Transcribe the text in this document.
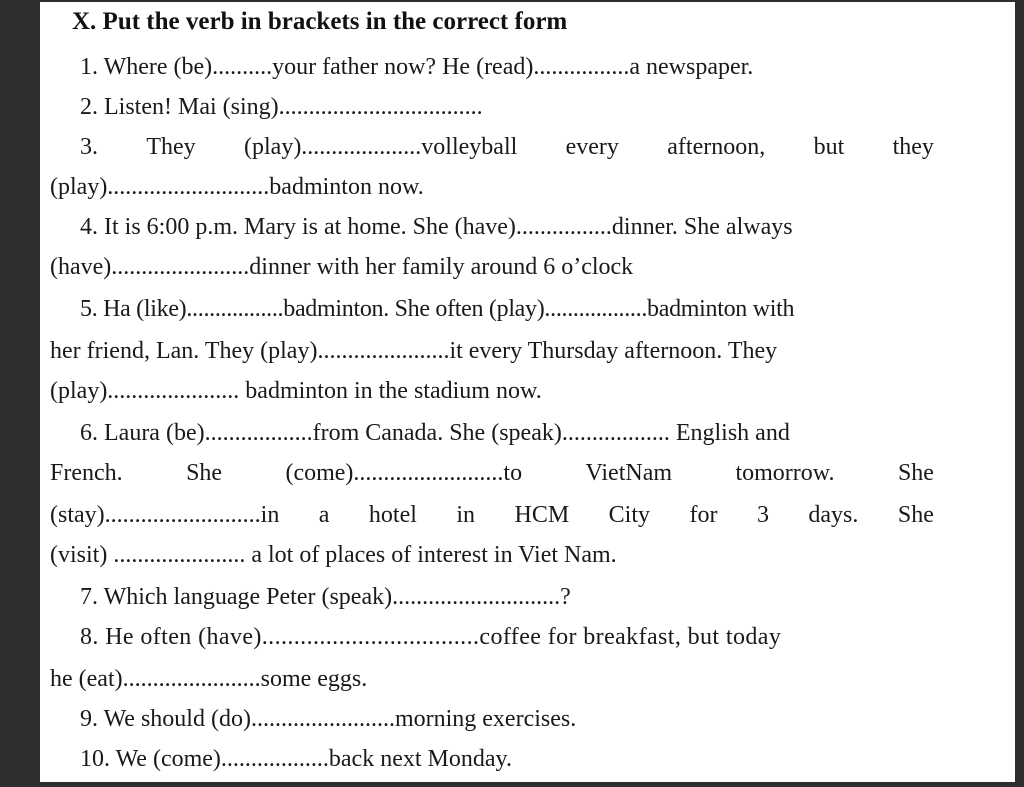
X. Put the verb in brackets in the correct form
1. Where (be)..........your father now? He (read)................a newspaper.
2. Listen! Mai (sing)..................................
3. They (play)....................volleyball every afternoon, but they
(play)...........................badminton now.
4. It is 6:00 p.m. Mary is at home. She (have)................dinner. She always
(have).......................dinner with her family around 6 o’clock
5. Ha (like).................badminton. She often (play)..................badminton with
her friend, Lan. They (play)......................it every Thursday afternoon. They
(play)...................... badminton in the stadium now.
6. Laura (be)..................from Canada. She (speak).................. English and
French.	She	(come).........................to	VietNam	tomorrow.	She
(stay)..........................in a hotel in HCM City for 3 days. She
(visit) ...................... a lot of places of interest in Viet Nam.
7. Which language Peter (speak)............................?
8. He often (have)..................................coffee for breakfast, but today
he (eat).......................some eggs.
9. We should (do)........................morning exercises.
10. We (come)..................back next Monday.
